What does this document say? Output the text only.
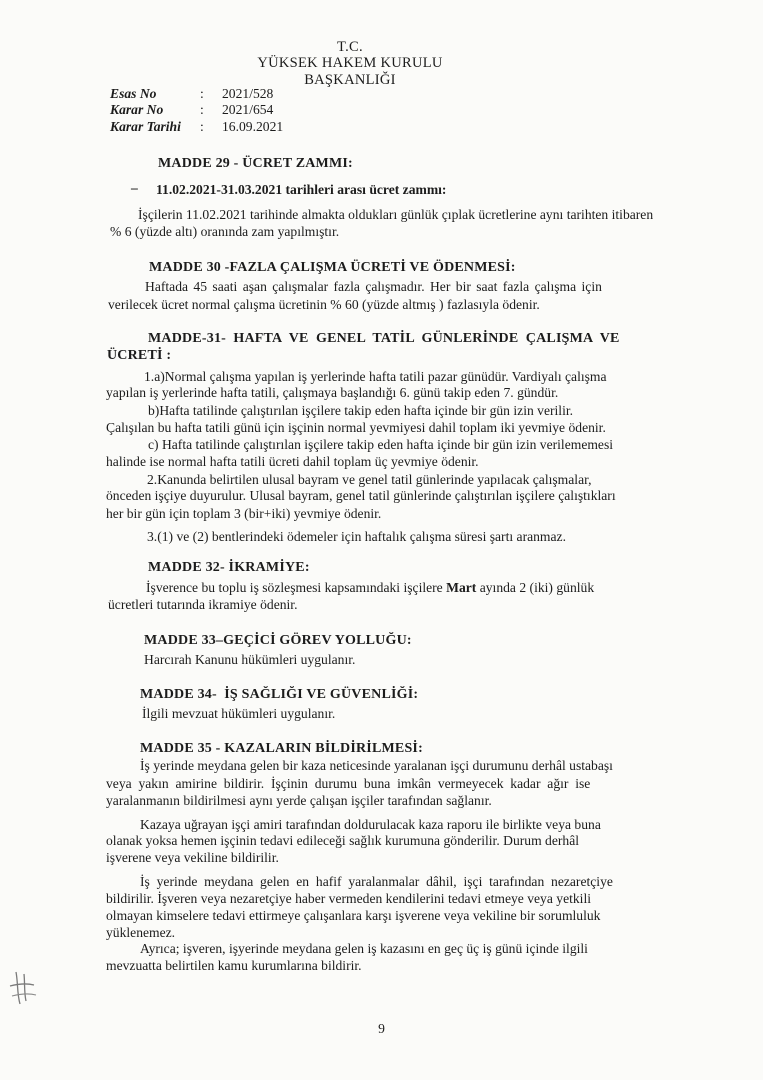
T.C.
YÜKSEK HAKEM KURULU
BAŞKANLIĞI
Esas No	: 2021/528
Karar No	: 2021/654
Karar Tarihi : 16.09.2021
MADDE 29 - ÜCRET ZAMMI:
– 11.02.2021-31.03.2021 tarihleri arası ücret zammı:
İşçilerin 11.02.2021 tarihinde almakta oldukları günlük çıplak ücretlerine aynı tarihten itibaren
% 6 (yüzde altı) oranında zam yapılmıştır.
MADDE 30 -FAZLA ÇALIŞMA ÜCRETİ VE ÖDENMESİ:
Haftada 45 saati aşan çalışmalar fazla çalışmadır. Her bir saat fazla çalışma için
verilecek ücret normal çalışma ücretinin % 60 (yüzde altmış ) fazlasıyla ödenir.
MADDE-31-  HAFTA  VE  GENEL  TATİL  GÜNLERİNDE  ÇALIŞMA  VE
ÜCRETİ :
1.a)Normal çalışma yapılan iş yerlerinde hafta tatili pazar günüdür. Vardiyalı çalışma
yapılan iş yerlerinde hafta tatili, çalışmaya başlandığı 6. günü takip eden 7. gündür.
b)Hafta tatilinde çalıştırılan işçilere takip eden hafta içinde bir gün izin verilir.
Çalışılan bu hafta tatili günü için işçinin normal yevmiyesi dahil toplam iki yevmiye ödenir.
c) Hafta tatilinde çalıştırılan işçilere takip eden hafta içinde bir gün izin verilememesi
halinde ise normal hafta tatili ücreti dahil toplam üç yevmiye ödenir.
2.Kanunda belirtilen ulusal bayram ve genel tatil günlerinde yapılacak çalışmalar,
önceden işçiye duyurulur. Ulusal bayram, genel tatil günlerinde çalıştırılan işçilere çalıştıkları
her bir gün için toplam 3 (bir+iki) yevmiye ödenir.
3.(1) ve (2) bentlerindeki ödemeler için haftalık çalışma süresi şartı aranmaz.
MADDE 32- İKRAMİYE:
İşverence bu toplu iş sözleşmesi kapsamındaki işçilere Mart ayında 2 (iki) günlük
ücretleri tutarında ikramiye ödenir.
MADDE 33–GEÇİCİ GÖREV YOLLUĞU:
Harcırah Kanunu hükümleri uygulanır.
MADDE 34-  İŞ SAĞLIĞI VE GÜVENLİĞİ:
İlgili mevzuat hükümleri uygulanır.
MADDE 35 - KAZALARIN BİLDİRİLMESİ:
İş yerinde meydana gelen bir kaza neticesinde yaralanan işçi durumunu derhâl ustabaşı
veya  yakın  amirine  bildirir.  İşçinin  durumu  buna  imkân  vermeyecek  kadar  ağır  ise
yaralanmanın bildirilmesi aynı yerde çalışan işçiler tarafından sağlanır.
Kazaya uğrayan işçi amiri tarafından doldurulacak kaza raporu ile birlikte veya buna
olanak yoksa hemen işçinin tedavi edileceği sağlık kurumuna gönderilir. Durum derhâl
işverene veya vekiline bildirilir.
İş  yerinde  meydana  gelen  en  hafif  yaralanmalar  dâhil,  işçi  tarafından  nezaretçiye
bildirilir. İşveren veya nezaretçiye haber vermeden kendilerini tedavi etmeye veya yetkili
olmayan kimselere tedavi ettirmeye çalışanlara karşı işverene veya vekiline bir sorumluluk
yüklenemez.
Ayrıca; işveren, işyerinde meydana gelen iş kazasını en geç üç iş günü içinde ilgili
mevzuatta belirtilen kamu kurumlarına bildirir.
9
